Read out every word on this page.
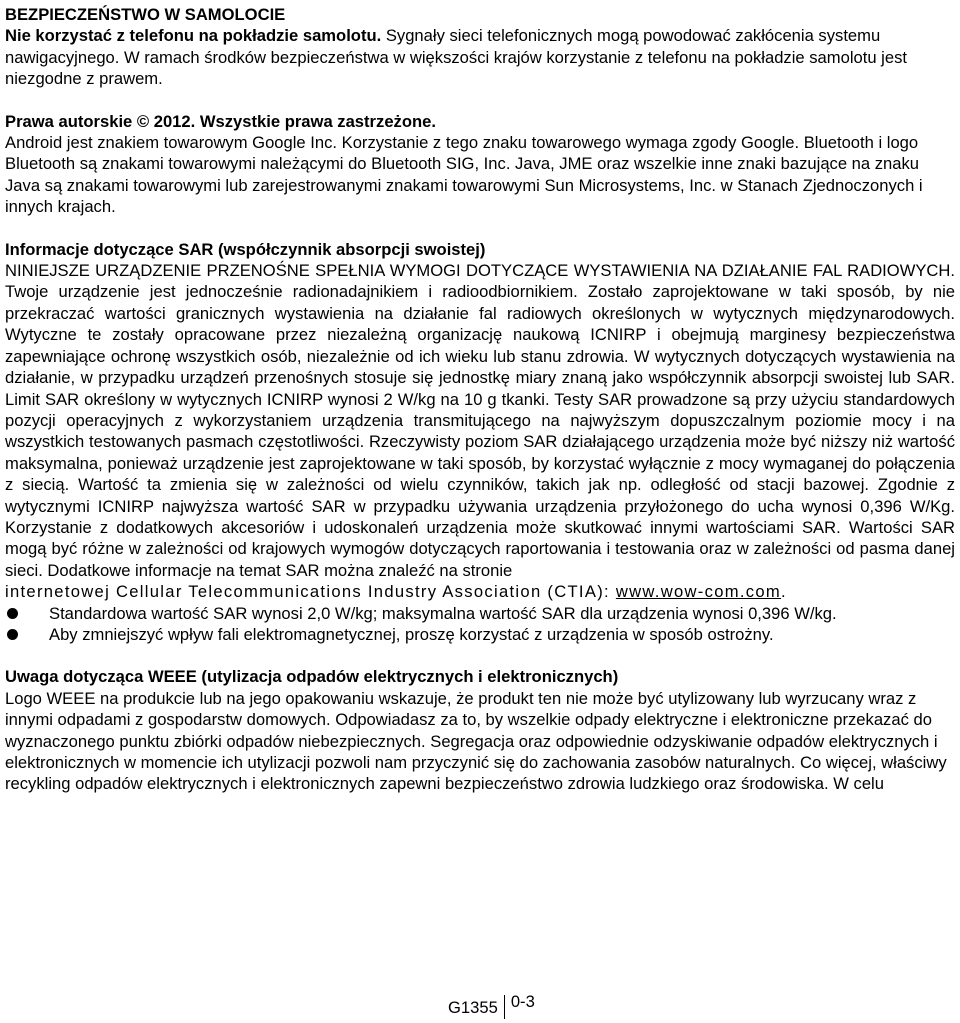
BEZPIECZEŃSTWO W SAMOLOCIE

Nie korzystać z telefonu na pokładzie samolotu. Sygnały sieci telefonicznych mogą powodować zakłócenia systemu nawigacyjnego. W ramach środków bezpieczeństwa w większości krajów korzystanie z telefonu na pokładzie samolotu jest niezgodne z prawem.

Prawa autorskie © 2012. Wszystkie prawa zastrzeżone.

Android jest znakiem towarowym Google Inc. Korzystanie z tego znaku towarowego wymaga zgody Google. Bluetooth i logo Bluetooth są znakami towarowymi należącymi do Bluetooth SIG, Inc. Java, JME oraz wszelkie inne znaki bazujące na znaku Java są znakami towarowymi lub zarejestrowanymi znakami towarowymi Sun Microsystems, Inc. w Stanach Zjednoczonych i innych krajach.

Informacje dotyczące SAR (współczynnik absorpcji swoistej)

NINIEJSZE URZĄDZENIE PRZENOŚNE SPEŁNIA WYMOGI DOTYCZĄCE WYSTAWIENIA NA DZIAŁANIE FAL RADIOWYCH. Twoje urządzenie jest jednocześnie radionadajnikiem i radioodbiornikiem. Zostało zaprojektowane w taki sposób, by nie przekraczać wartości granicznych wystawienia na działanie fal radiowych określonych w wytycznych międzynarodowych. Wytyczne te zostały opracowane przez niezależną organizację naukową ICNIRP i obejmują marginesy bezpieczeństwa zapewniające ochronę wszystkich osób, niezależnie od ich wieku lub stanu zdrowia. W wytycznych dotyczących wystawienia na działanie, w przypadku urządzeń przenośnych stosuje się jednostkę miary znaną jako współczynnik absorpcji swoistej lub SAR. Limit SAR określony w wytycznych ICNIRP wynosi 2 W/kg na 10 g tkanki. Testy SAR prowadzone są przy użyciu standardowych pozycji operacyjnych z wykorzystaniem urządzenia transmitującego na najwyższym dopuszczalnym poziomie mocy i na wszystkich testowanych pasmach częstotliwości. Rzeczywisty poziom SAR działającego urządzenia może być niższy niż wartość maksymalna, ponieważ urządzenie jest zaprojektowane w taki sposób, by korzystać wyłącznie z mocy wymaganej do połączenia z siecią. Wartość ta zmienia się w zależności od wielu czynników, takich jak np. odległość od stacji bazowej. Zgodnie z wytycznymi ICNIRP najwyższa wartość SAR w przypadku używania urządzenia przyłożonego do ucha wynosi 0,396 W/Kg. Korzystanie z dodatkowych akcesoriów i udoskonaleń urządzenia może skutkować innymi wartościami SAR. Wartości SAR mogą być różne w zależności od krajowych wymogów dotyczących raportowania i testowania oraz w zależności od pasma danej sieci. Dodatkowe informacje na temat SAR można znaleźć na stronie

internetowej Cellular Telecommunications Industry Association (CTIA): www.wow-com.com.

Standardowa wartość SAR wynosi 2,0 W/kg; maksymalna wartość SAR dla urządzenia wynosi 0,396 W/kg.
Aby zmniejszyć wpływ fali elektromagnetycznej, proszę korzystać z urządzenia w sposób ostrożny.

Uwaga dotycząca WEEE (utylizacja odpadów elektrycznych i elektronicznych)

Logo WEEE na produkcie lub na jego opakowaniu wskazuje, że produkt ten nie może być utylizowany lub wyrzucany wraz z innymi odpadami z gospodarstw domowych. Odpowiadasz za to, by wszelkie odpady elektryczne i elektroniczne przekazać do wyznaczonego punktu zbiórki odpadów niebezpiecznych. Segregacja oraz odpowiednie odzyskiwanie odpadów elektrycznych i elektronicznych w momencie ich utylizacji pozwoli nam przyczynić się do zachowania zasobów naturalnych. Co więcej, właściwy recykling odpadów elektrycznych i elektronicznych zapewni bezpieczeństwo zdrowia ludzkiego oraz środowiska. W celu

G1355 0-3
